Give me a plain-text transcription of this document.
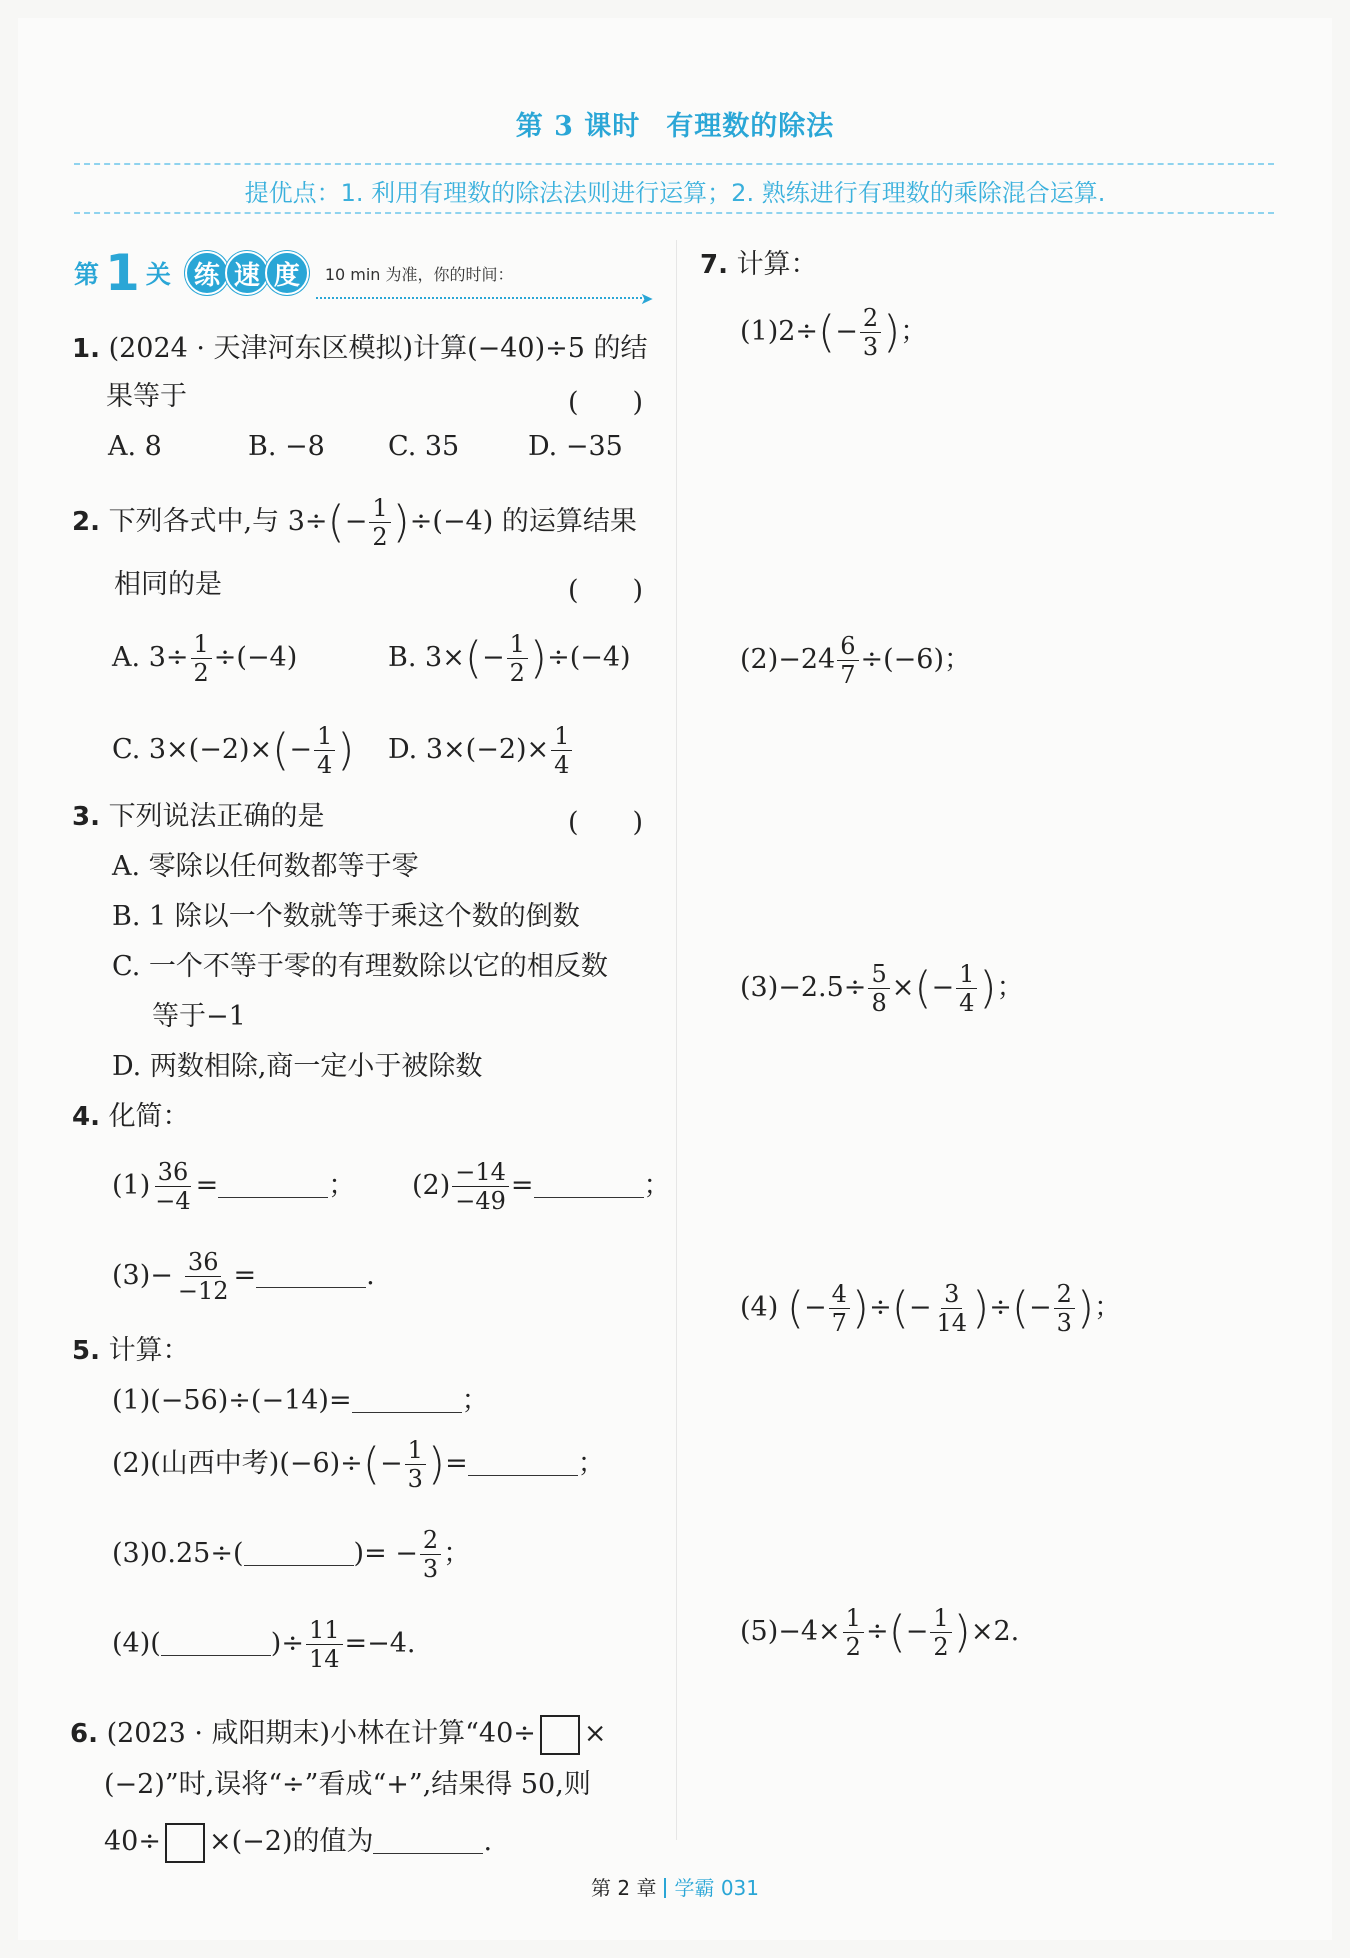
第 3 课时 有理数的除法
提优点：1. 利用有理数的除法法则进行运算；2. 熟练进行有理数的乘除混合运算.
第 1 关 练 速 度	10 min 为准，你的时间：
➤
1. (2024 · 天津河东区模拟)计算(−40)÷5 的结
果等于	(　　)
A. 8	B. −8 C. 35	D. −35
2. 下列各式中,与 $3\div(- \frac{1}{2} )\div(-4)$ 的运算结果
相同的是	(　　)
A. $3\div \frac{1}{2} \div(-4)$	B. $3\times(- \frac{1}{2} )\div(-4)$
C. $3\times(-2)\times(- \frac{1}{4}$ ) D. $3\times(-2)\times \frac{1}{4}$
3. 下列说法正确的是	(　　)
A. 零除以任何数都等于零
B. 1 除以一个数就等于乘这个数的倒数
C. 一个不等于零的有理数除以它的相反数
等于−1
D. 两数相除,商一定小于被除数
4. 化简：
$(1) \frac{36}{-4}$ =	； $(2) \frac{-14}{-49}$ =	；
$(3)- \frac{36}{-12}$ =	.
5. 计算：
(1)(−56)÷(−14)=	；
(2)(山西中考)$(-6)\div(- \frac{1}{3}$ )=	；
(3)0.25÷(	)= − $\frac{2}{3}$ ；
(4)(	)÷ $\frac{11}{14} =-4$.
6. (2023 · 咸阳期末)小林在计算“40÷ ×
(−2)”时,误将“÷”看成“+”,结果得 50,则
40÷ ×(−2)的值为	.
7. 计算：
$(1)2\div(- \frac{2}{3}$ )；
$(2)-24 \frac{6}{7} \div(-6)$；
$(3)-2.5\div \frac{5}{8}$ ×(− $\frac{1}{4}$ )；
(4) (− $\frac{4}{7}$ )÷(− $\frac{3}{14}$ )÷(− $\frac{2}{3}$ )；
$(5)-4\times \frac{1}{2}$ ÷(− $\frac{1}{2} )\times 2$.
第 2 章 学霸 031
